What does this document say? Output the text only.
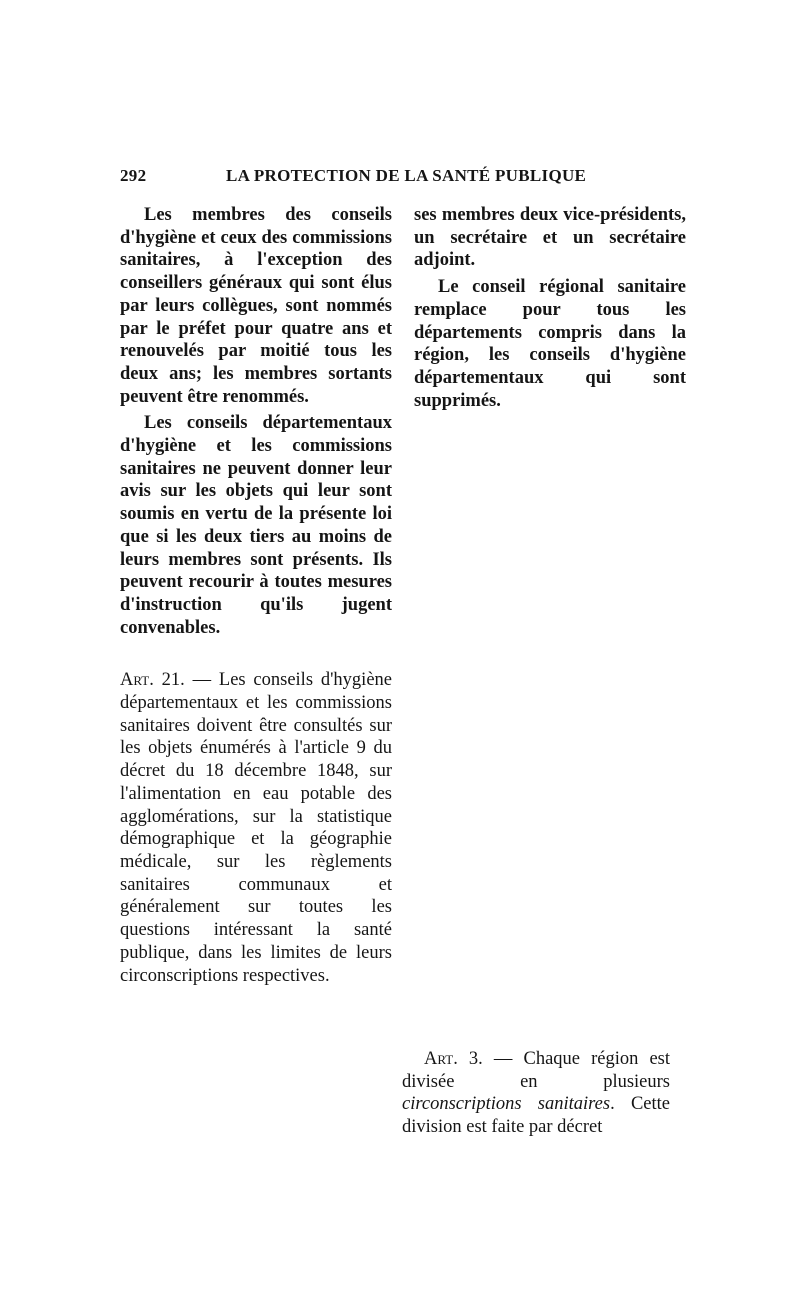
292	LA PROTECTION DE LA SANTÉ PUBLIQUE

Les membres des conseils d'hygiène et ceux des commissions sanitaires, à l'exception des conseillers généraux qui sont élus par leurs collègues, sont nommés par le préfet pour quatre ans et renouvelés par moitié tous les deux ans; les membres sortants peuvent être renommés.

Les conseils départementaux d'hygiène et les commissions sanitaires ne peuvent donner leur avis sur les objets qui leur sont soumis en vertu de la présente loi que si les deux tiers au moins de leurs membres sont présents. Ils peuvent recourir à toutes mesures d'instruction qu'ils jugent convenables.

Art. 21. — Les conseils d'hygiène départementaux et les commissions sanitaires doivent être consultés sur les objets énumérés à l'article 9 du décret du 18 décembre 1848, sur l'alimentation en eau potable des agglomérations, sur la statistique démographique et la géographie médicale, sur les règlements sanitaires communaux et généralement sur toutes les questions intéressant la santé publique, dans les limites de leurs circonscriptions respectives.

ses membres deux vice-présidents, un secrétaire et un secrétaire adjoint.

Le conseil régional sanitaire remplace pour tous les départements compris dans la région, les conseils d'hygiène départementaux qui sont supprimés.

Art. 3. — Chaque région est divisée en plusieurs circonscriptions sanitaires. Cette division est faite par décret
